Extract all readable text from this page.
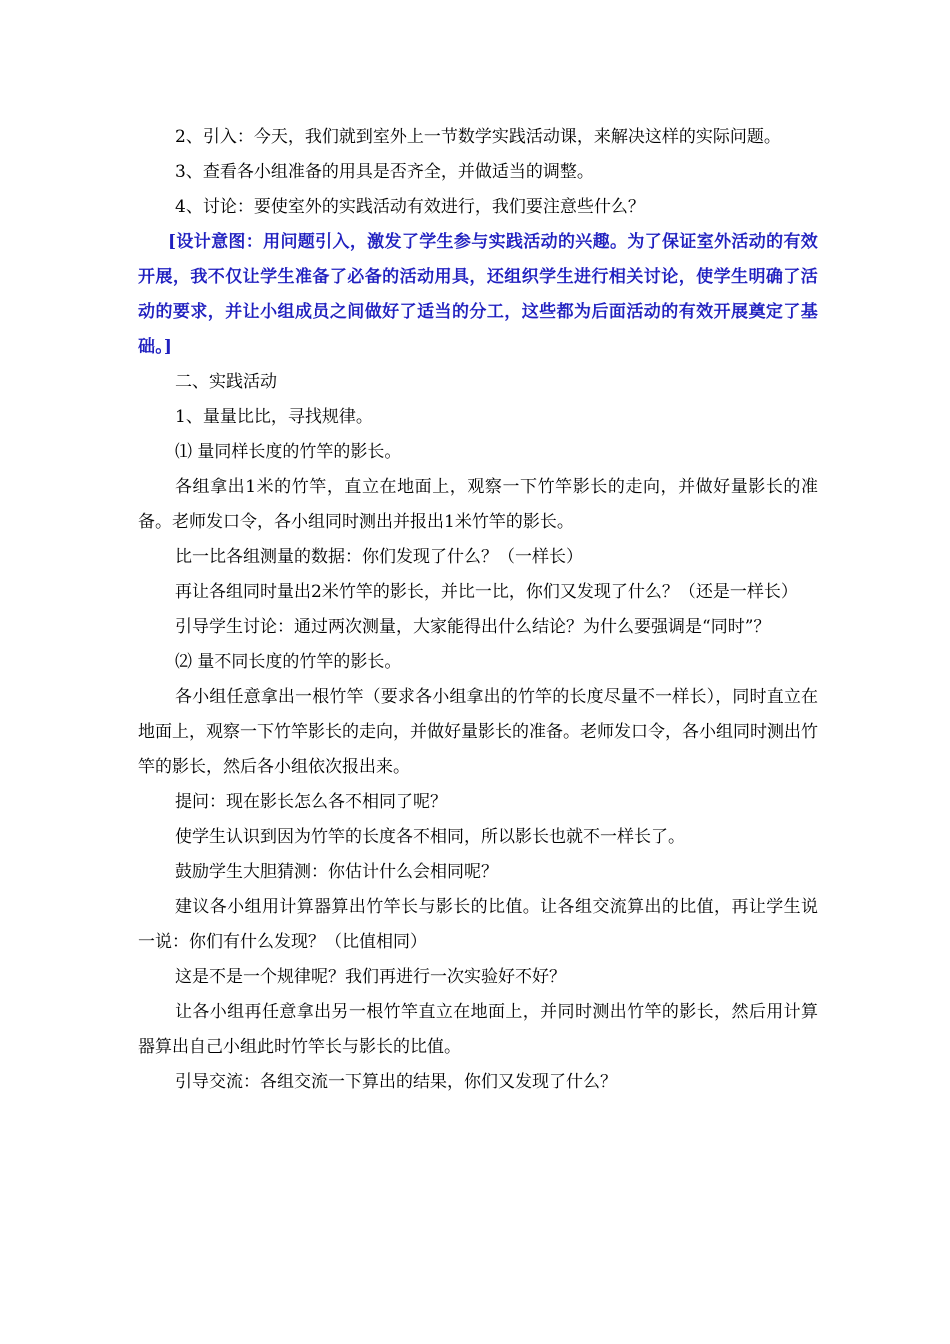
2、引入：今天，我们就到室外上一节数学实践活动课，来解决这样的实际问题。

3、查看各小组准备的用具是否齐全，并做适当的调整。

4、讨论：要使室外的实践活动有效进行，我们要注意些什么？

[设计意图：用问题引入，激发了学生参与实践活动的兴趣。为了保证室外活动的有效开展，我不仅让学生准备了必备的活动用具，还组织学生进行相关讨论，使学生明确了活动的要求，并让小组成员之间做好了适当的分工，这些都为后面活动的有效开展奠定了基础。]

二、实践活动

1、量量比比，寻找规律。

⑴ 量同样长度的竹竿的影长。

各组拿出1米的竹竿，直立在地面上，观察一下竹竿影长的走向，并做好量影长的准备。老师发口令，各小组同时测出并报出1米竹竿的影长。

比一比各组测量的数据：你们发现了什么？（一样长）

再让各组同时量出2米竹竿的影长，并比一比，你们又发现了什么？（还是一样长）

引导学生讨论：通过两次测量，大家能得出什么结论？为什么要强调是“同时”？

⑵ 量不同长度的竹竿的影长。

各小组任意拿出一根竹竿（要求各小组拿出的竹竿的长度尽量不一样长），同时直立在地面上，观察一下竹竿影长的走向，并做好量影长的准备。老师发口令，各小组同时测出竹竿的影长，然后各小组依次报出来。

提问：现在影长怎么各不相同了呢？

使学生认识到因为竹竿的长度各不相同，所以影长也就不一样长了。

鼓励学生大胆猜测：你估计什么会相同呢？

建议各小组用计算器算出竹竿长与影长的比值。让各组交流算出的比值，再让学生说一说：你们有什么发现？（比值相同）

这是不是一个规律呢？我们再进行一次实验好不好？

让各小组再任意拿出另一根竹竿直立在地面上，并同时测出竹竿的影长，然后用计算器算出自己小组此时竹竿长与影长的比值。

引导交流：各组交流一下算出的结果，你们又发现了什么？
